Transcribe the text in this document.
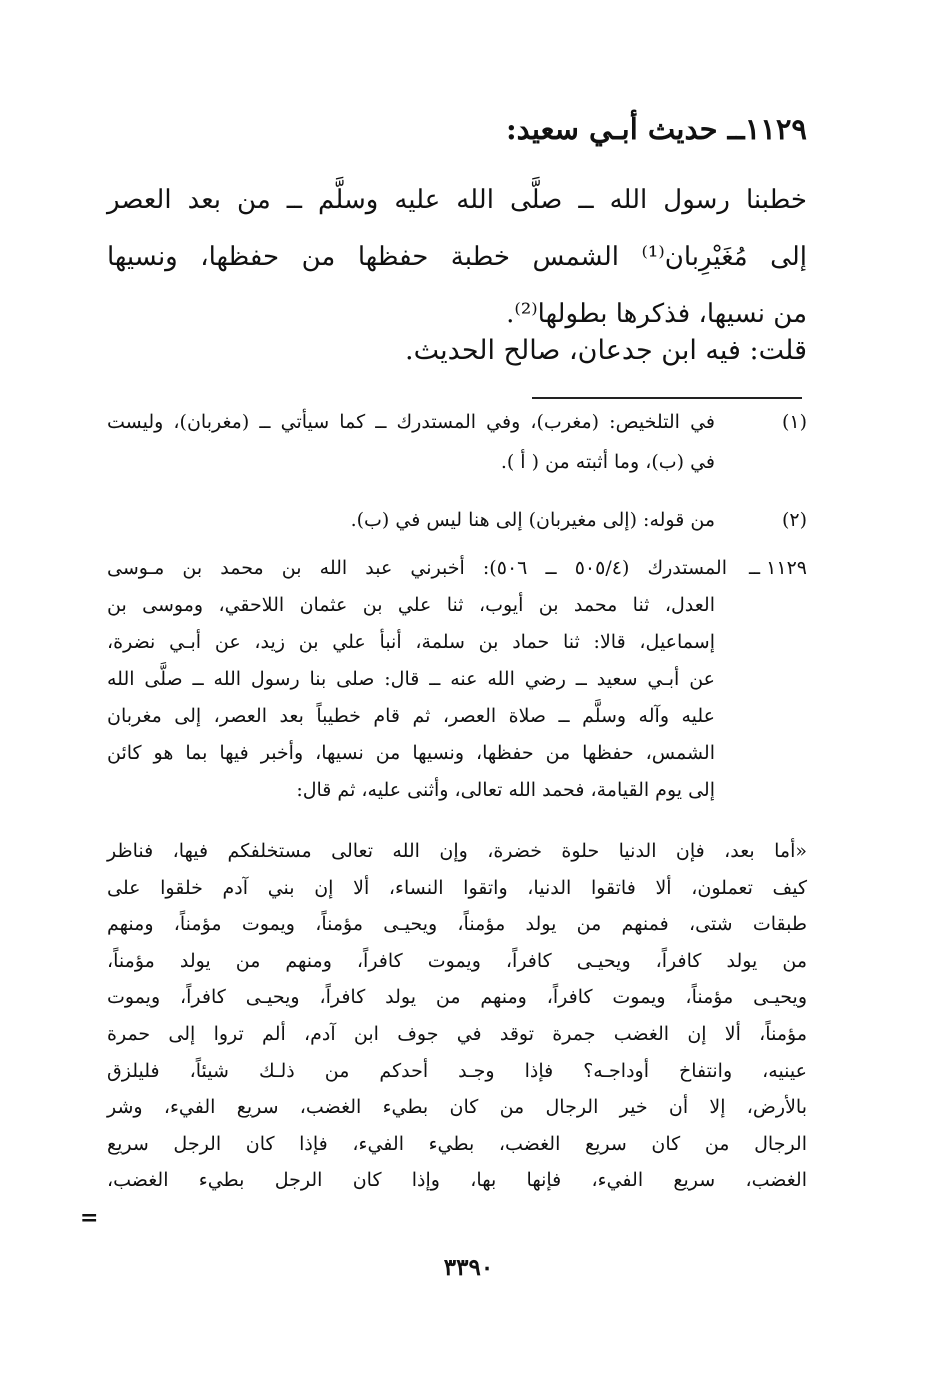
١١٢٩ــ حديث أبـي سعيد:
خطبنا رسول الله ــ صلَّى الله عليه وسلَّم ــ من بعد العصر
إلى مُغَيْرِبان⁽¹⁾ الشمس خطبة حفظها من حفظها، ونسيها
من نسيها، فذكرها بطولها⁽²⁾.
قلت: فيه ابن جدعان، صالح الحديث.
(١)
في التلخيص: (مغرب)، وفي المستدرك ــ كما سيأتي ــ (مغربان)، وليست
في (ب)، وما أثبته من ( أ ).
(٢)
من قوله: (إلى مغيربان) إلى هنا ليس في (ب).
١١٢٩ ــ
المستدرك (٥٠٥/٤ ــ ٥٠٦): أخبرني عبد الله بن محمد بن مـوسى
العدل، ثنا محمد بن أيوب، ثنا علي بن عثمان اللاحقي، وموسى بن
إسماعيل، قالا: ثنا حماد بن سلمة، أنبأ علي بن زيد، عن أبـي نضرة،
عن أبـي سعيد ــ رضي الله عنه ــ قال: صلى بنا رسول الله ــ صلَّى الله
عليه وآله وسلَّم ــ صلاة العصر، ثم قام خطيباً بعد العصر، إلى مغربان
الشمس، حفظها من حفظها، ونسيها من نسيها، وأخبر فيها بما هو كائن
إلى يوم القيامة، فحمد الله تعالى، وأثنى عليه، ثم قال:
«أما بعد، فإن الدنيا حلوة خضرة، وإن الله تعالى مستخلفكم فيها، فناظر
كيف تعملون، ألا فاتقوا الدنيا، واتقوا النساء، ألا إن بني آدم خلقوا على
طبقات شتى، فمنهم من يولد مؤمناً، ويحيـى مؤمناً، ويموت مؤمناً، ومنهم
من يولد كافراً، ويحيـى كافراً، ويموت كافراً، ومنهم من يولد مؤمناً،
ويحيـى مؤمناً، ويموت كافراً، ومنهم من يولد كافراً، ويحيـى كافراً، ويموت
مؤمناً، ألا إن الغضب جمرة توقد في جوف ابن آدم، ألم تروا إلى حمرة
عينيه، وانتفاخ أوداجـه؟ فإذا وجـد أحدكم من ذلـك شيئاً، فليلزق
بالأرض، إلا أن خير الرجال من كان بطيء الغضب، سريع الفيء، وشر
الرجال من كان سريع الغضب، بطيء الفيء، فإذا كان الرجل سريع
الغضب، سريع الفيء، فإنها بها، وإذا كان الرجل بطيء الغضب،
=
٣٣٩٠
